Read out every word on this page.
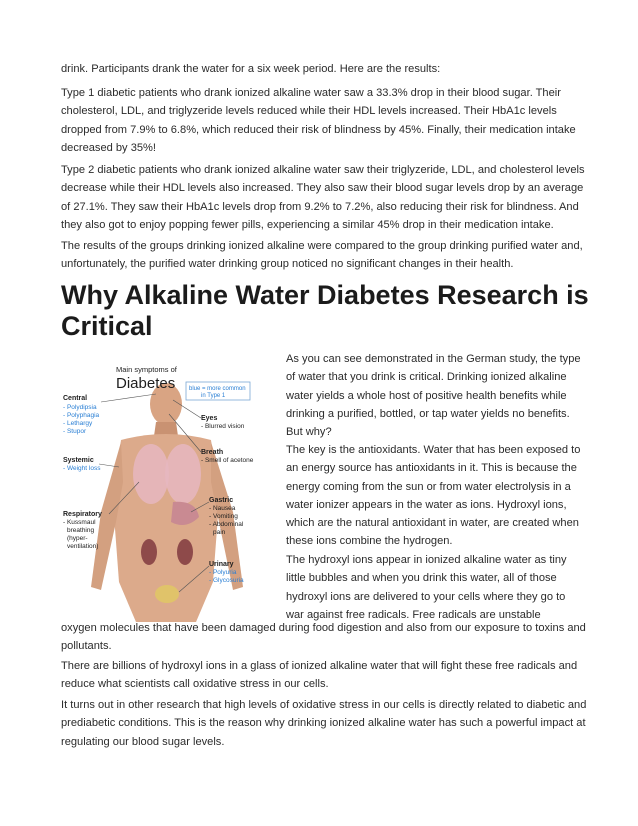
drink. Participants drank the water for a six week period. Here are the results:

Type 1 diabetic patients who drank ionized alkaline water saw a 33.3% drop in their blood sugar. Their cholesterol, LDL, and triglyzeride levels reduced while their HDL levels increased. Their HbA1c levels dropped from 7.9% to 6.8%, which reduced their risk of blindness by 45%. Finally, their medication intake decreased by 35%!

Type 2 diabetic patients who drank ionized alkaline water saw their triglyzeride, LDL, and cholesterol levels decrease while their HDL levels also increased. They also saw their blood sugar levels drop by an average of 27.1%. They saw their HbA1c levels drop from 9.2% to 7.2%, also reducing their risk for blindness. And they also got to enjoy popping fewer pills, experiencing a similar 45% drop in their medication intake.

The results of the groups drinking ionized alkaline were compared to the group drinking purified water and, unfortunately, the purified water drinking group noticed no significant changes in their health.

Why Alkaline Water Diabetes Research is Critical
Main symptoms of
Diabetes blue = more common
in Type 1
Central
- Polydipsia
- Polyphagia
- Lethargy
- Stupor
Eyes
- Blurred vision
Breath
- Smell of acetone
Systemic
- Weight loss
Respiratory
- Kussmaul
breathing
(hyper-
ventilation)
Gastric
- Nausea
- Vomiting
- Abdominal
pain
Urinary
- Polyuria
- Glycosuria

As you can see demonstrated in the German study, the type of water that you drink is critical. Drinking ionized alkaline water yields a whole host of positive health benefits while drinking a purified, bottled, or tap water yields no benefits. But why?

The key is the antioxidants. Water that has been exposed to an energy source has antioxidants in it. This is because the energy coming from the sun or from water electrolysis in a water ionizer appears in the water as ions. Hydroxyl ions, which are the natural antioxidant in water, are created when these ions combine the hydrogen.

The hydroxyl ions appear in ionized alkaline water as tiny little bubbles and when you drink this water, all of those hydroxyl ions are delivered to your cells where they go to war against free radicals. Free radicals are unstable

oxygen molecules that have been damaged during food digestion and also from our exposure to toxins and pollutants.

There are billions of hydroxyl ions in a glass of ionized alkaline water that will fight these free radicals and reduce what scientists call oxidative stress in our cells.

It turns out in other research that high levels of oxidative stress in our cells is directly related to diabetic and prediabetic conditions. This is the reason why drinking ionized alkaline water has such a powerful impact at regulating our blood sugar levels.
